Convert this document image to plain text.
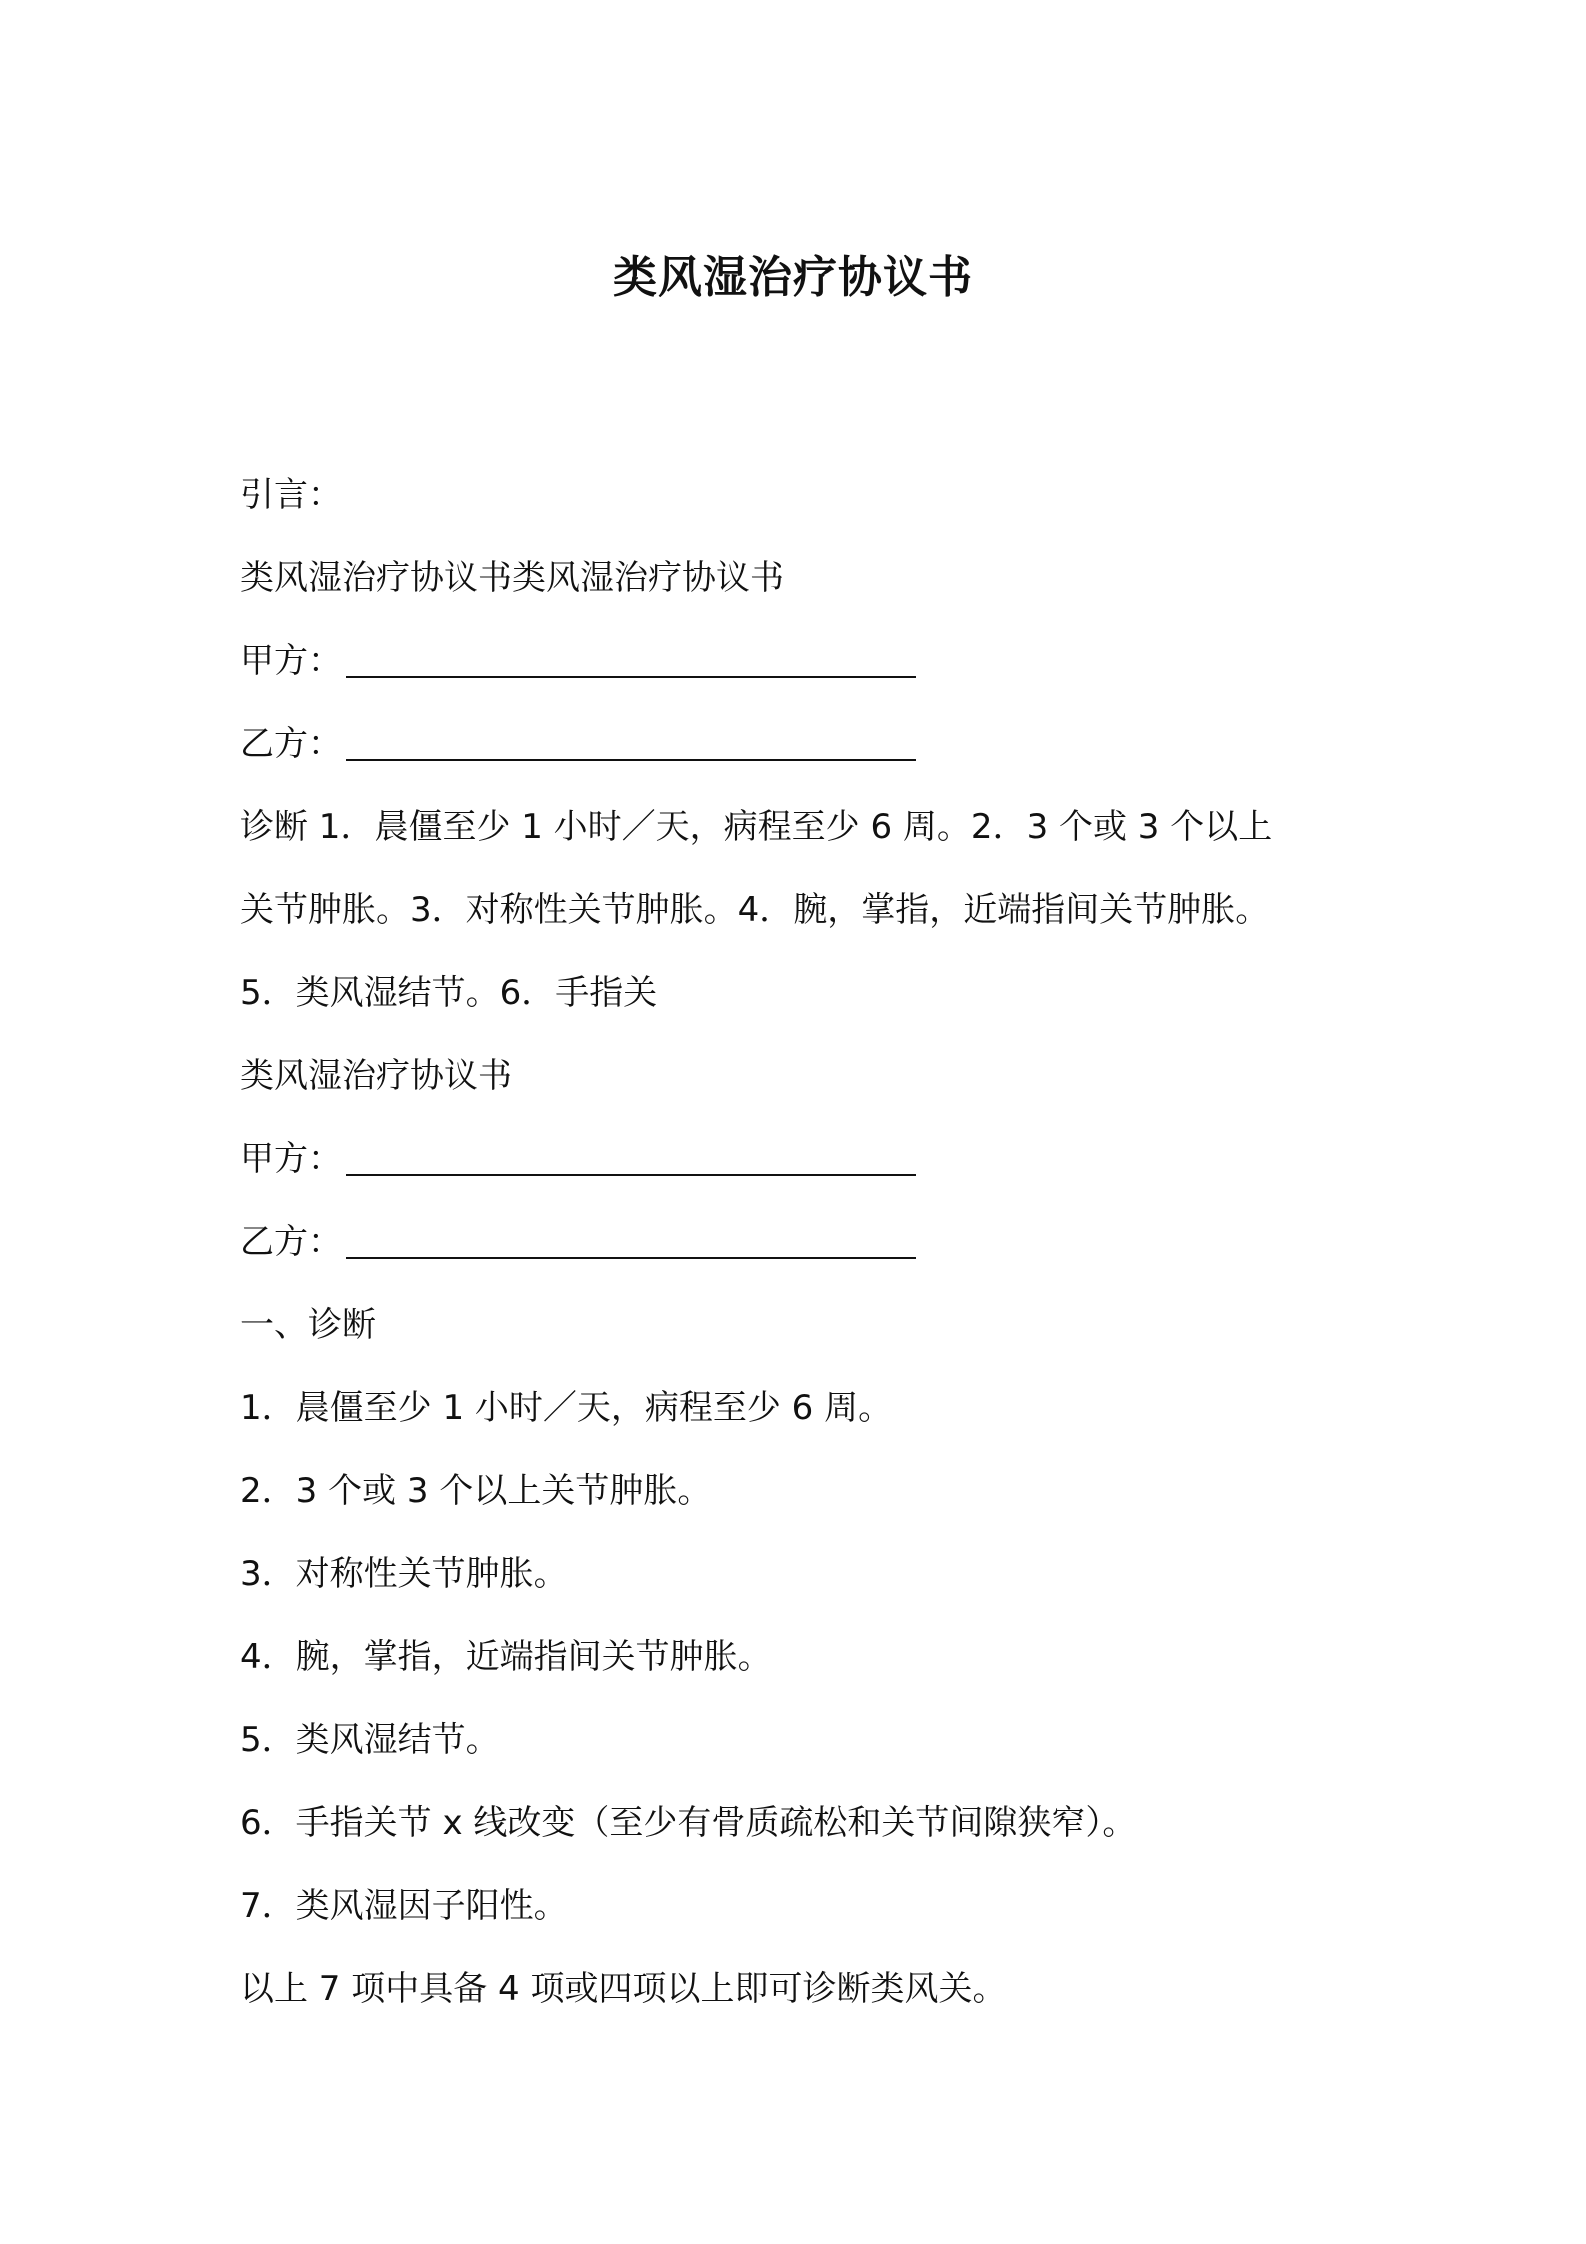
类风湿治疗协议书
引言：
类风湿治疗协议书类风湿治疗协议书
甲方：
乙方：
诊断 1．晨僵至少 1 小时／天，病程至少 6 周。2．3 个或 3 个以上
关节肿胀。3．对称性关节肿胀。4．腕，掌指，近端指间关节肿胀。
5．类风湿结节。6．手指关
类风湿治疗协议书
甲方：
乙方：
一、诊断
1．晨僵至少 1 小时／天，病程至少 6 周。
2．3 个或 3 个以上关节肿胀。
3．对称性关节肿胀。
4．腕，掌指，近端指间关节肿胀。
5．类风湿结节。
6．手指关节 x 线改变（至少有骨质疏松和关节间隙狭窄）。
7．类风湿因子阳性。
以上 7 项中具备 4 项或四项以上即可诊断类风关。
